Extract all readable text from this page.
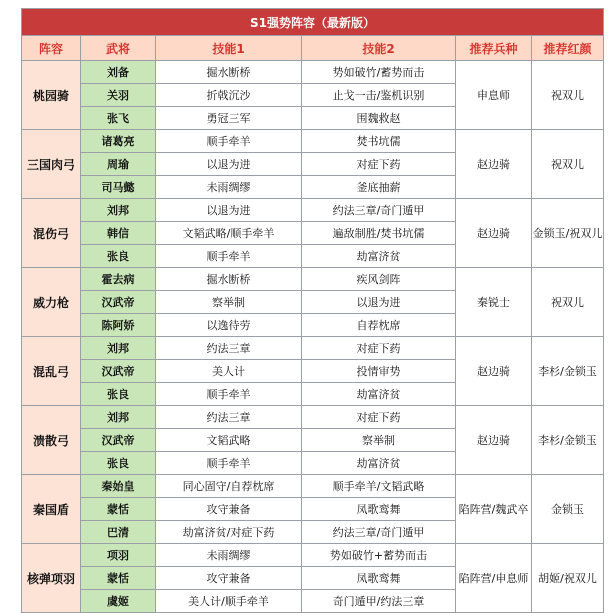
S1强势阵容（最新版）					
阵容	武将	技能1	技能2	推荐兵种	推荐红颜
桃园骑	刘备	掘水断桥	势如破竹/蓄势而击	申息师	祝双儿
	关羽	折戟沉沙	止戈一击/鉴机识别		
	张飞	勇冠三军	围魏救赵		
三国肉弓	诸葛亮	顺手牵羊	焚书坑儒	赵边骑	祝双儿
	周瑜	以退为进	对症下药		
	司马懿	未雨绸缪	釜底抽薪		
混伤弓	刘邦	以退为进	约法三章/奇门遁甲	赵边骑	金锁玉/祝双儿
	韩信	文韬武略/顺手牵羊	遍敌制胜/焚书坑儒		
	张良	顺手牵羊	劫富济贫		
威力枪	霍去病	掘水断桥	疾风剑阵	秦锐士	祝双儿
	汉武帝	察举制	以退为进		
	陈阿娇	以逸待劳	自荐枕席		
混乱弓	刘邦	约法三章	对症下药	赵边骑	李杉/金锁玉
	汉武帝	美人计	投情审势		
	张良	顺手牵羊	劫富济贫		
溃散弓	刘邦	约法三章	对症下药	赵边骑	李杉/金锁玉
	汉武帝	文韬武略	察举制		
	张良	顺手牵羊	劫富济贫		
秦国盾	秦始皇	同心固守/自荐枕席	顺手牵羊/文韬武略	陷阵营/魏武卒	金锁玉
	蒙恬	攻守兼备	凤歌鸾舞		
	巴清	劫富济贫/对症下药	约法三章/奇门遁甲		
核弹项羽	项羽	未雨绸缪	势如破竹+蓄势而击	陷阵营/申息师	胡姬/祝双儿
	蒙恬	攻守兼备	凤歌鸾舞		
	虞姬	美人计/顺手牵羊	奇门遁甲/约法三章		
